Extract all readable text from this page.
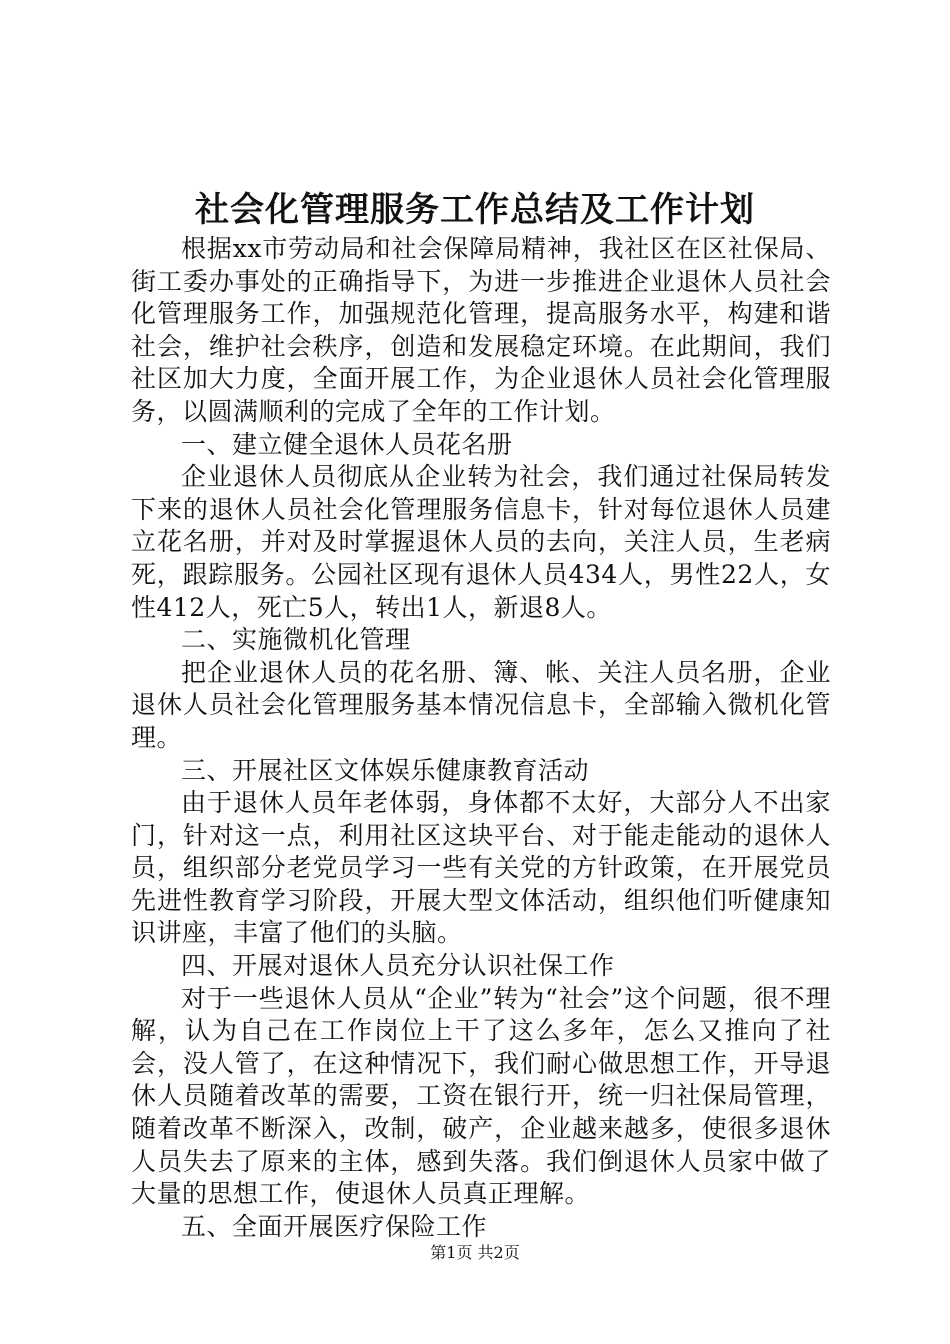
社会化管理服务工作总结及工作计划

根据xx市劳动局和社会保障局精神，我社区在区社保局、街工委办事处的正确指导下，为进一步推进企业退休人员社会化管理服务工作，加强规范化管理，提高服务水平，构建和谐社会，维护社会秩序，创造和发展稳定环境。在此期间，我们社区加大力度，全面开展工作，为企业退休人员社会化管理服务，以圆满顺利的完成了全年的工作计划。

一、建立健全退休人员花名册

企业退休人员彻底从企业转为社会，我们通过社保局转发下来的退休人员社会化管理服务信息卡，针对每位退休人员建立花名册，并对及时掌握退休人员的去向，关注人员，生老病死，跟踪服务。公园社区现有退休人员434人，男性22人，女性412人，死亡5人，转出1人，新退8人。

二、实施微机化管理

把企业退休人员的花名册、簿、帐、关注人员名册，企业退休人员社会化管理服务基本情况信息卡，全部输入微机化管理。

三、开展社区文体娱乐健康教育活动

由于退休人员年老体弱，身体都不太好，大部分人不出家门，针对这一点，利用社区这块平台、对于能走能动的退休人员，组织部分老党员学习一些有关党的方针政策，在开展党员先进性教育学习阶段，开展大型文体活动，组织他们听健康知识讲座，丰富了他们的头脑。

四、开展对退休人员充分认识社保工作

对于一些退休人员从“企业”转为“社会”这个问题，很不理解，认为自己在工作岗位上干了这么多年，怎么又推向了社会，没人管了，在这种情况下，我们耐心做思想工作，开导退休人员随着改革的需要，工资在银行开，统一归社保局管理，随着改革不断深入，改制，破产，企业越来越多，使很多退休人员失去了原来的主体，感到失落。我们倒退休人员家中做了大量的思想工作，使退休人员真正理解。

五、全面开展医疗保险工作

第1页 共2页
